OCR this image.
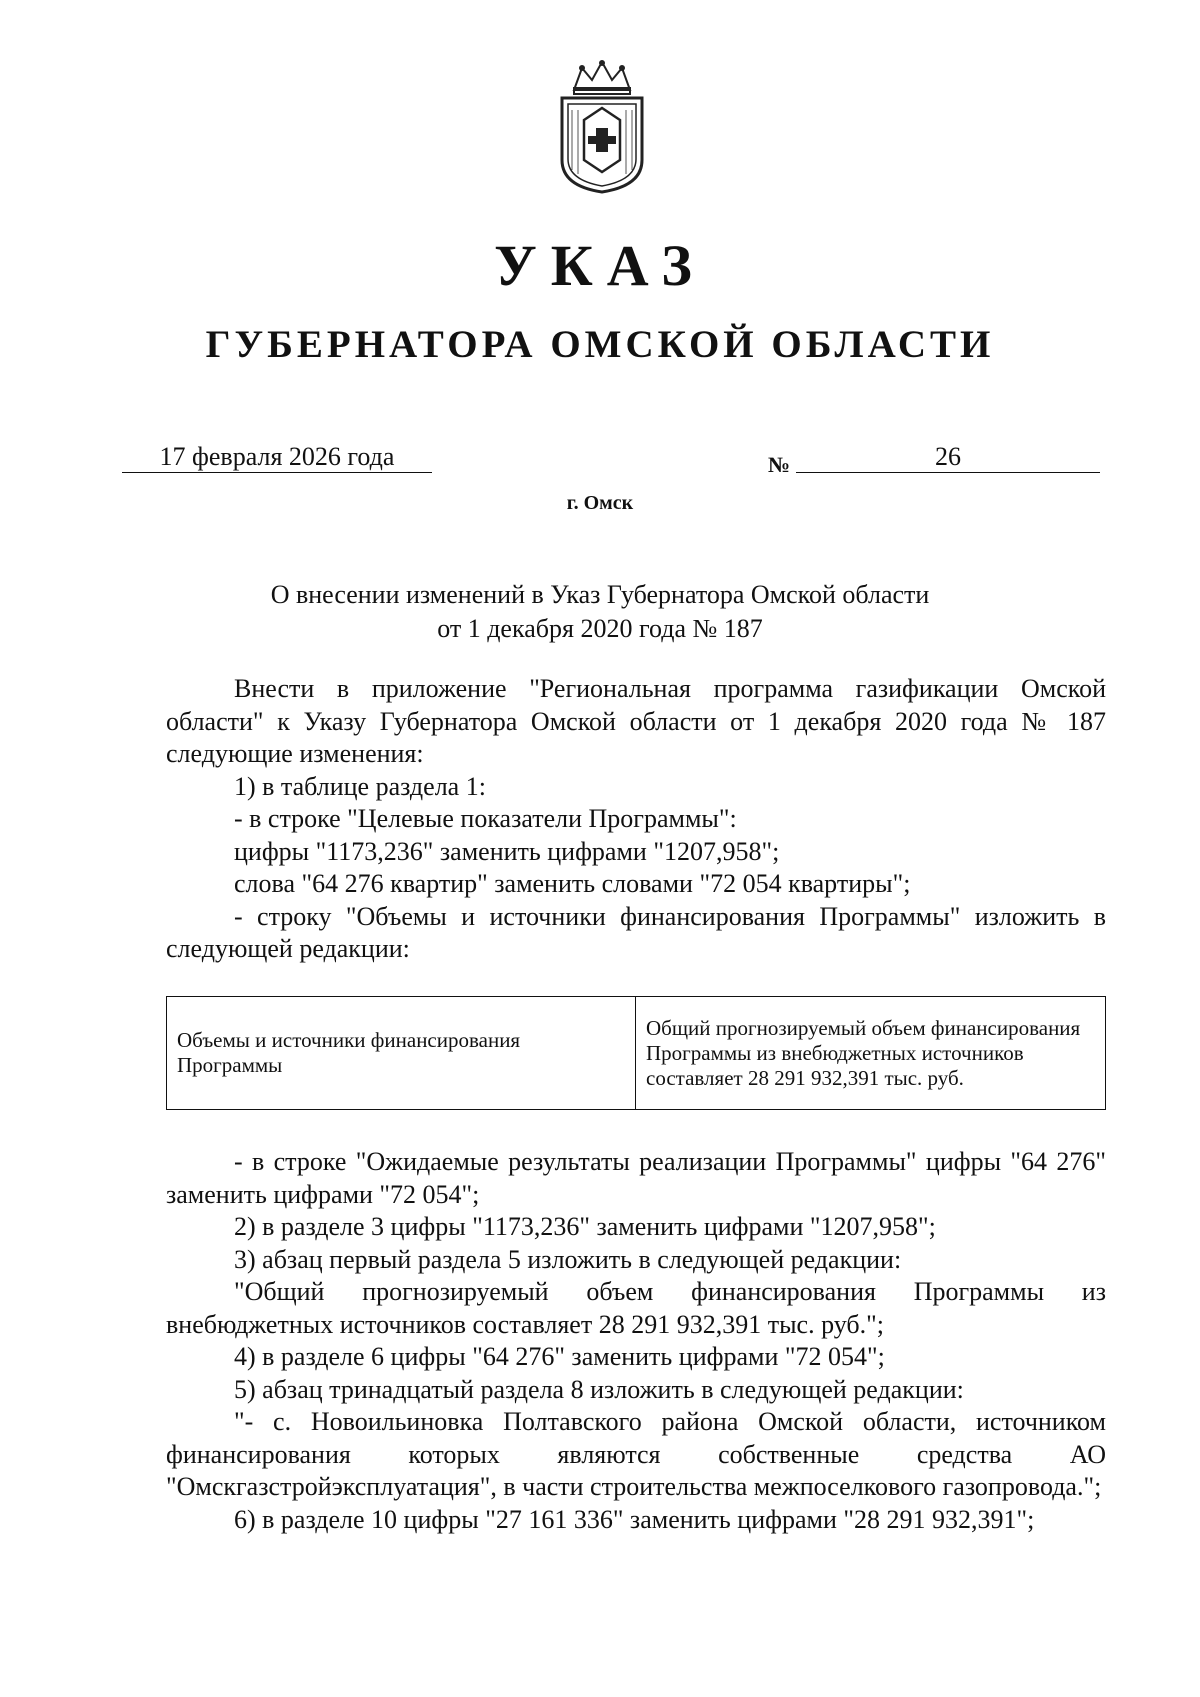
УКАЗ
ГУБЕРНАТОРА ОМСКОЙ ОБЛАСТИ
17 февраля 2026 года	№	26
г. Омск
О внесении изменений в Указ Губернатора Омской области
от 1 декабря 2020 года № 187

Внести в приложение "Региональная программа газификации Омской области" к Указу Губернатора Омской области от 1 декабря 2020 года № 187 следующие изменения:

1) в таблице раздела 1:

- в строке "Целевые показатели Программы":

цифры "1173,236" заменить цифрами "1207,958";

слова "64 276 квартир" заменить словами "72 054 квартиры";

- строку "Объемы и источники финансирования Программы" изложить в следующей редакции:

Объемы и источники финансирования Программы	Общий прогнозируемый объем финансирования Программы из внебюджетных источников составляет 28 291 932,391 тыс. руб.

- в строке "Ожидаемые результаты реализации Программы" цифры "64 276" заменить цифрами "72 054";

2) в разделе 3 цифры "1173,236" заменить цифрами "1207,958";

3) абзац первый раздела 5 изложить в следующей редакции:

"Общий прогнозируемый объем финансирования Программы из внебюджетных источников составляет 28 291 932,391 тыс. руб.";

4) в разделе 6 цифры "64 276" заменить цифрами "72 054";

5) абзац тринадцатый раздела 8 изложить в следующей редакции:

"- с. Новоильиновка Полтавского района Омской области, источником финансирования которых являются собственные средства АО "Омскгазстройэксплуатация", в части строительства межпоселкового газопровода.";

6) в разделе 10 цифры "27 161 336" заменить цифрами "28 291 932,391";
